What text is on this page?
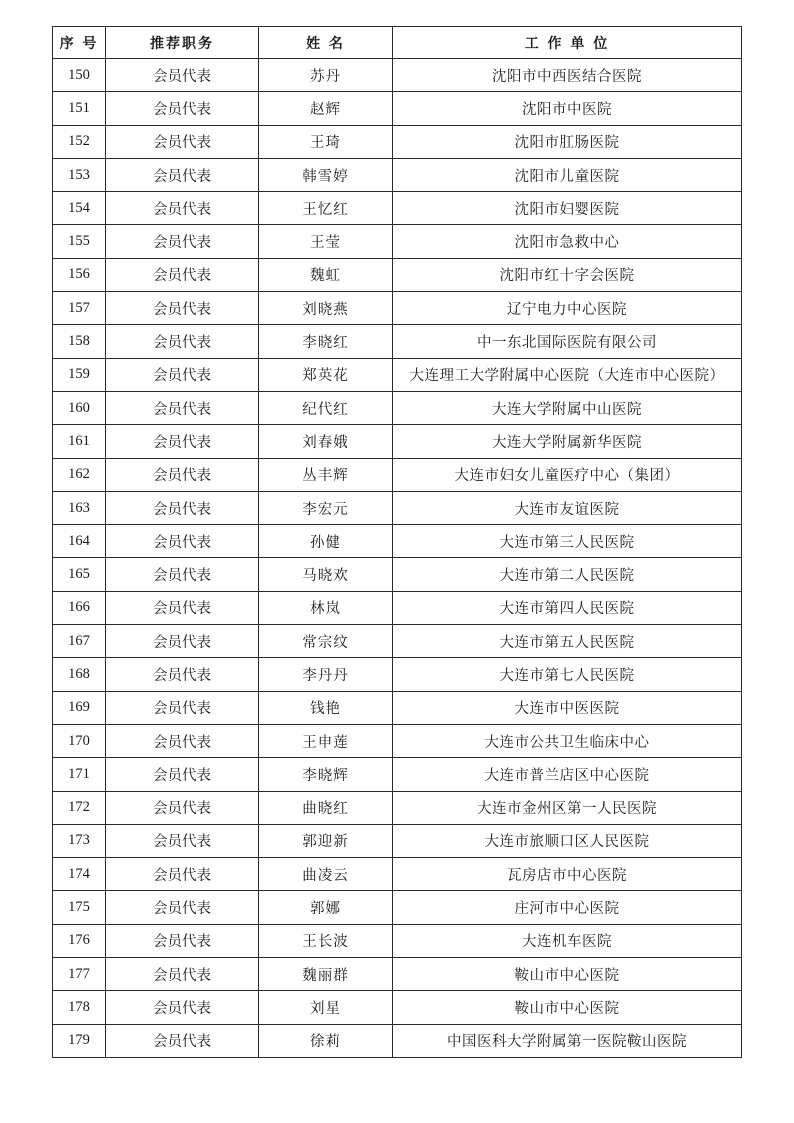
序 号	推荐职务	姓 名	工 作 单 位
150	会员代表	苏丹	沈阳市中西医结合医院
151	会员代表	赵辉	沈阳市中医院
152	会员代表	王琦	沈阳市肛肠医院
153	会员代表	韩雪婷	沈阳市儿童医院
154	会员代表	王忆红	沈阳市妇婴医院
155	会员代表	王莹	沈阳市急救中心
156	会员代表	魏虹	沈阳市红十字会医院
157	会员代表	刘晓燕	辽宁电力中心医院
158	会员代表	李晓红	中一东北国际医院有限公司
159	会员代表	郑英花	大连理工大学附属中心医院（大连市中心医院）
160	会员代表	纪代红	大连大学附属中山医院
161	会员代表	刘春娥	大连大学附属新华医院
162	会员代表	丛丰辉	大连市妇女儿童医疗中心（集团）
163	会员代表	李宏元	大连市友谊医院
164	会员代表	孙健	大连市第三人民医院
165	会员代表	马晓欢	大连市第二人民医院
166	会员代表	林岚	大连市第四人民医院
167	会员代表	常宗纹	大连市第五人民医院
168	会员代表	李丹丹	大连市第七人民医院
169	会员代表	钱艳	大连市中医医院
170	会员代表	王申莲	大连市公共卫生临床中心
171	会员代表	李晓辉	大连市普兰店区中心医院
172	会员代表	曲晓红	大连市金州区第一人民医院
173	会员代表	郭迎新	大连市旅顺口区人民医院
174	会员代表	曲凌云	瓦房店市中心医院
175	会员代表	郭娜	庄河市中心医院
176	会员代表	王长波	大连机车医院
177	会员代表	魏丽群	鞍山市中心医院
178	会员代表	刘星	鞍山市中心医院
179	会员代表	徐莉	中国医科大学附属第一医院鞍山医院
